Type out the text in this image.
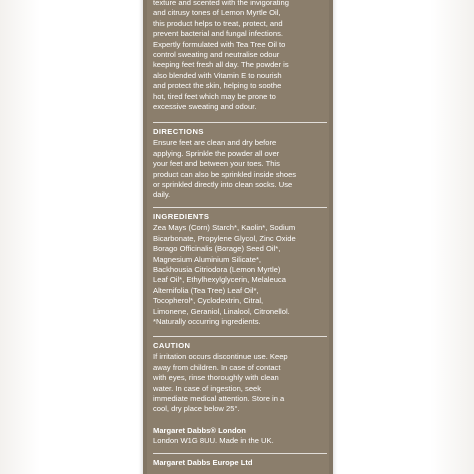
texture and scented with the invigorating
and citrusy tones of Lemon Myrtle Oil,
this product helps to treat, protect, and
prevent bacterial and fungal infections.
Expertly formulated with Tea Tree Oil to
control sweating and neutralise odour
keeping feet fresh all day. The powder is
also blended with Vitamin E to nourish
and protect the skin, helping to soothe
hot, tired feet which may be prone to
excessive sweating and odour.

DIRECTIONS

Ensure feet are clean and dry before
applying. Sprinkle the powder all over
your feet and between your toes. This
product can also be sprinkled inside shoes
or sprinkled directly into clean socks. Use
daily.

INGREDIENTS

Zea Mays (Corn) Starch*, Kaolin*, Sodium
Bicarbonate, Propylene Glycol, Zinc Oxide
Borago Officinalis (Borage) Seed Oil*,
Magnesium Aluminium Silicate*,
Backhousia Citriodora (Lemon Myrtle)
Leaf Oil*, Ethylhexylglycerin, Melaleuca
Alternifolia (Tea Tree) Leaf Oil*,
Tocopherol*, Cyclodextrin, Citral,
Limonene, Geraniol, Linalool, Citronellol.
*Naturally occurring ingredients.

CAUTION

If irritation occurs discontinue use. Keep
away from children. In case of contact
with eyes, rinse thoroughly with clean
water. In case of ingestion, seek
immediate medical attention. Store in a
cool, dry place below 25°.

Margaret Dabbs® London

London W1G 8UU. Made in the UK.

Margaret Dabbs Europe Ltd
